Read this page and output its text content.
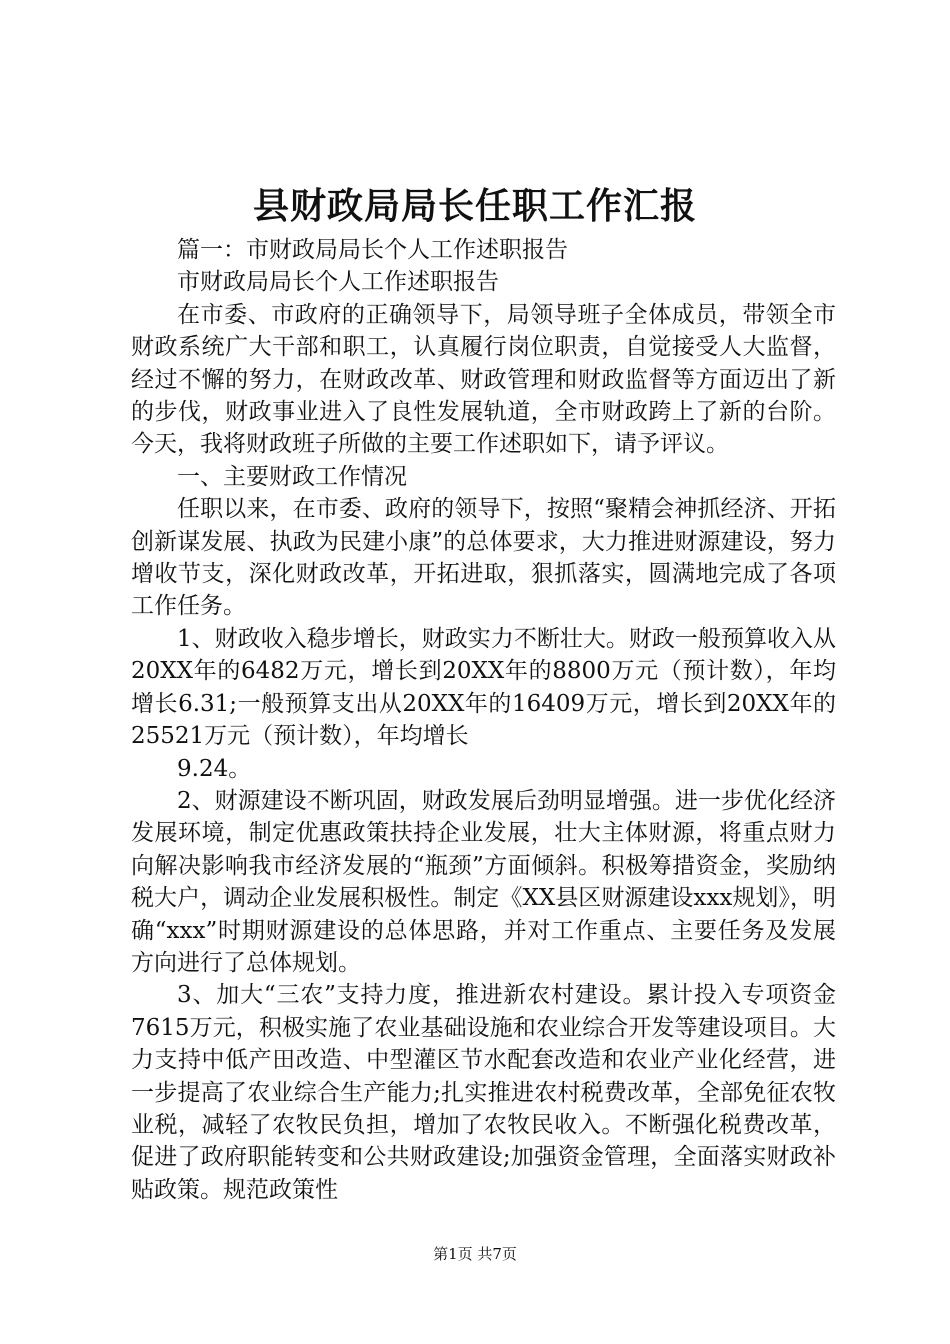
县财政局局长任职工作汇报

篇一：市财政局局长个人工作述职报告

市财政局局长个人工作述职报告

在市委、市政府的正确领导下，局领导班子全体成员，带领全市财政系统广大干部和职工，认真履行岗位职责，自觉接受人大监督，经过不懈的努力，在财政改革、财政管理和财政监督等方面迈出了新的步伐，财政事业进入了良性发展轨道，全市财政跨上了新的台阶。今天，我将财政班子所做的主要工作述职如下，请予评议。

一、主要财政工作情况

任职以来，在市委、政府的领导下，按照“聚精会神抓经济、开拓创新谋发展、执政为民建小康”的总体要求，大力推进财源建设，努力增收节支，深化财政改革，开拓进取，狠抓落实，圆满地完成了各项工作任务。

1、财政收入稳步增长，财政实力不断壮大。财政一般预算收入从20XX年的6482万元，增长到20XX年的8800万元（预计数），年均增长6.31;一般预算支出从20XX年的16409万元，增长到20XX年的25521万元（预计数），年均增长

9.24。

2、财源建设不断巩固，财政发展后劲明显增强。进一步优化经济发展环境，制定优惠政策扶持企业发展，壮大主体财源，将重点财力向解决影响我市经济发展的“瓶颈”方面倾斜。积极筹措资金，奖励纳税大户，调动企业发展积极性。制定《XX县区财源建设xxx规划》，明确“xxx”时期财源建设的总体思路，并对工作重点、主要任务及发展方向进行了总体规划。

3、加大“三农”支持力度，推进新农村建设。累计投入专项资金7615万元，积极实施了农业基础设施和农业综合开发等建设项目。大力支持中低产田改造、中型灌区节水配套改造和农业产业化经营，进一步提高了农业综合生产能力;扎实推进农村税费改革，全部免征农牧业税，减轻了农牧民负担，增加了农牧民收入。不断强化税费改革，促进了政府职能转变和公共财政建设;加强资金管理，全面落实财政补贴政策。规范政策性

第1页 共7页
